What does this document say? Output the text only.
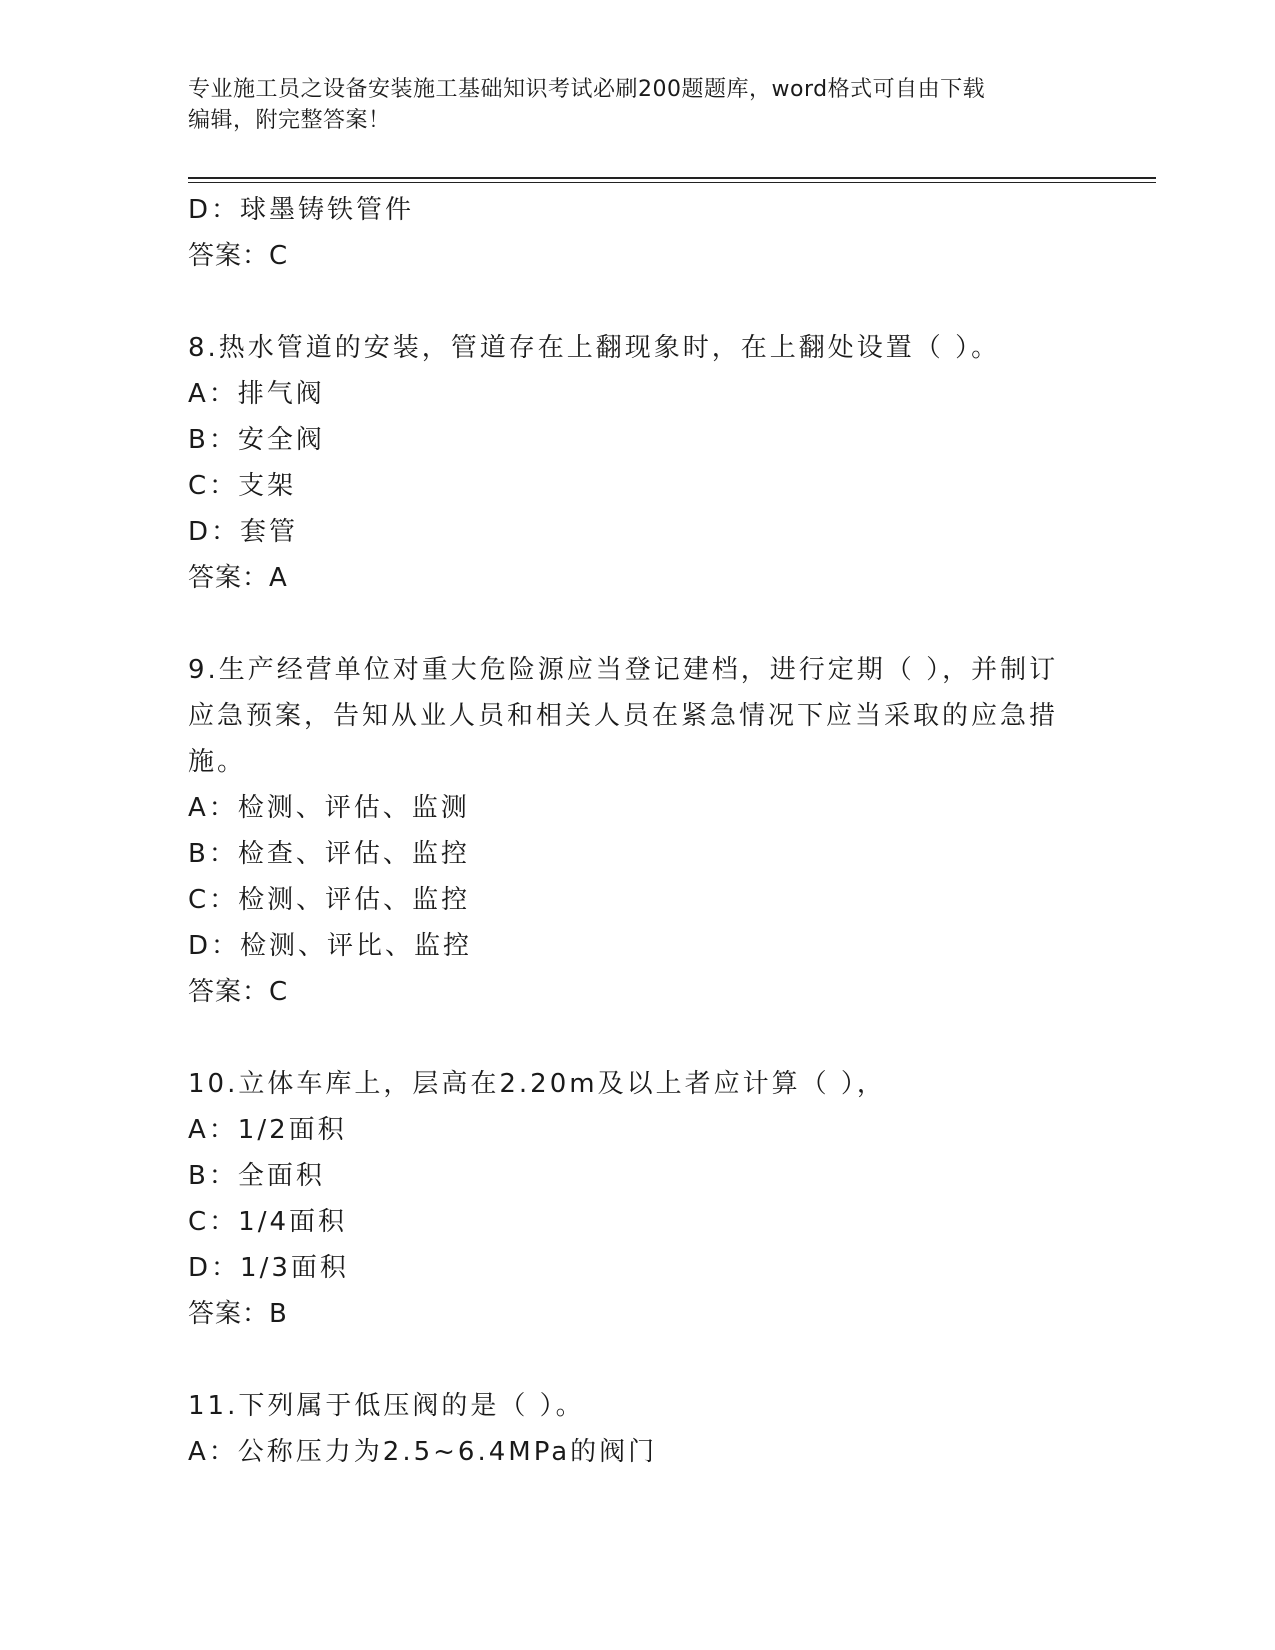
专业施工员之设备安装施工基础知识考试必刷200题题库，word格式可自由下载
编辑，附完整答案！
D：球墨铸铁管件
答案：C
8.热水管道的安装，管道存在上翻现象时，在上翻处设置（ ）。
A：排气阀
B：安全阀
C：支架
D：套管
答案：A
9.生产经营单位对重大危险源应当登记建档，进行定期（ ），并制订
应急预案，告知从业人员和相关人员在紧急情况下应当采取的应急措
施。
A：检测、评估、监测
B：检查、评估、监控
C：检测、评估、监控
D：检测、评比、监控
答案：C
10.立体车库上，层高在2.20m及以上者应计算（ ），
A：1/2面积
B：全面积
C：1/4面积
D：1/3面积
答案：B
11.下列属于低压阀的是（ ）。
A：公称压力为2.5~6.4MPa的阀门
